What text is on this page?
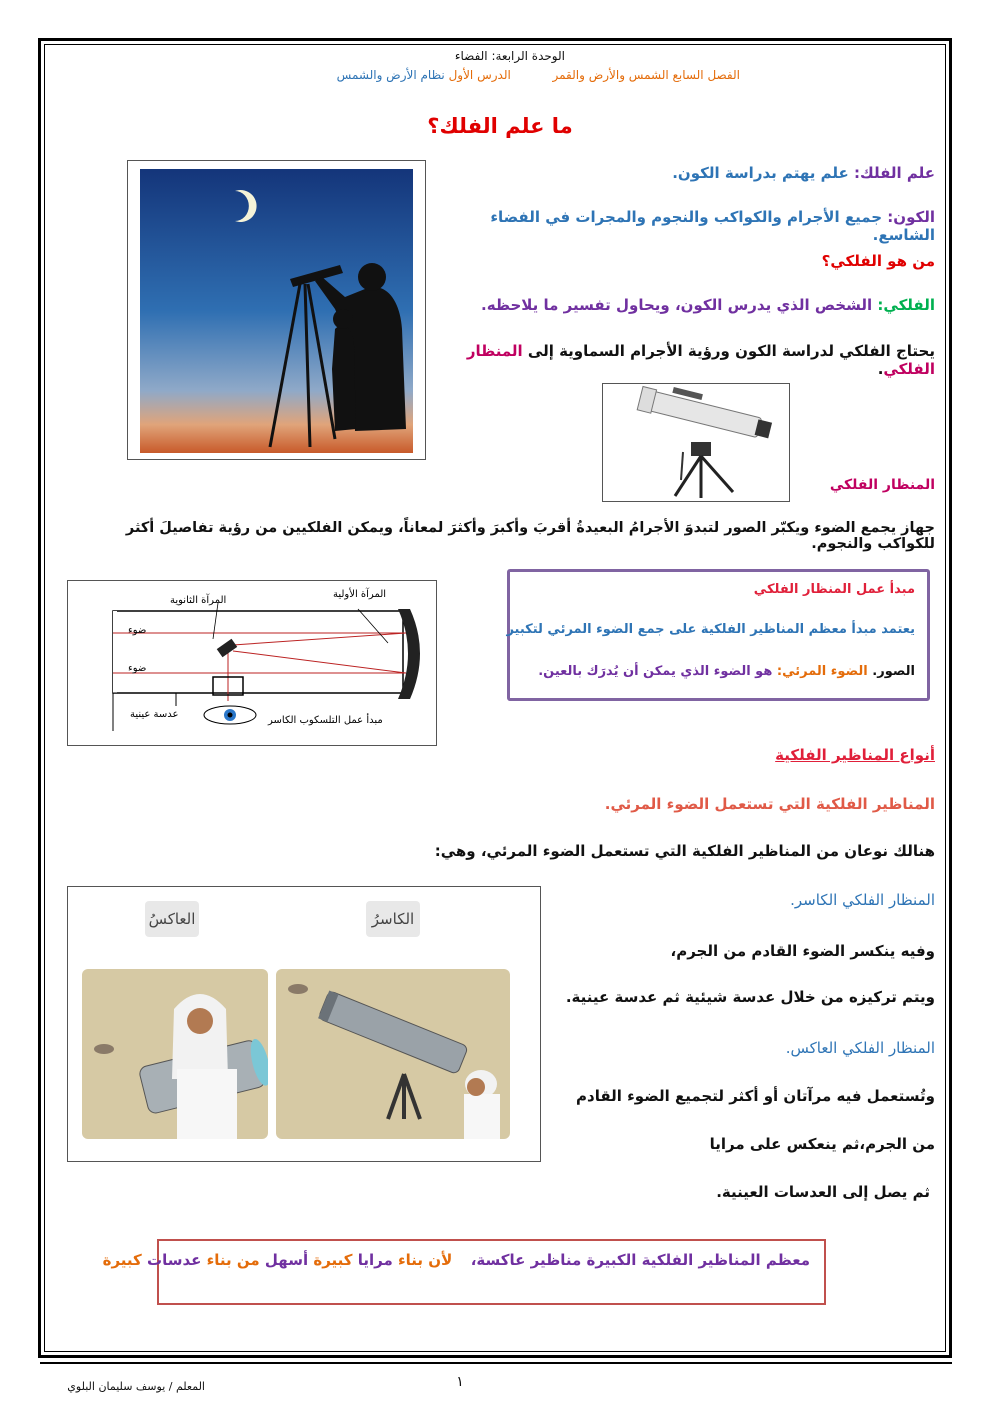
الوحدة الرابعة: الفضاء
الفصل السابع الشمس والأرض والقمر  الدرس الأول نظام الأرض والشمس
ما علم الفلك؟
علم الفلك: علم يهتم بدراسة الكون.
الكون: جميع الأجرام والكواكب والنجوم والمجرات في الفضاء الشاسع.
من هو الفلكي؟
الفلكي: الشخص الذي يدرس الكون، ويحاول تفسير ما يلاحظه.
يحتاج الفلكي لدراسة الكون ورؤية الأجرام السماوية إلى المنظار الفلكي.
المنظار الفلكي
جهاز يجمع الضوء ويكبّر الصور لتبدوَ الأجرامُ البعيدةُ أقربَ وأكبرَ وأكثرَ لمعاناً، ويمكن الفلكيين من رؤية تفاصيلَ أكثر للكواكب والنجوم.
المرآة الثانوية
المرآة الأولية
ضوء
ضوء
عدسة عينية
مبدأ عمل التلسكوب الكاسر
مبدأ عمل المنظار الفلكي
يعتمد مبدأ معظم المناظير الفلكية على جمع الضوء المرئي لتكبير
الصور. الضوء المرئي: هو الضوء الذي يمكن أن يُدرَك بالعين.
أنواع المناظير الفلكية
المناظير الفلكية التي تستعمل الضوء المرئي.
هنالك نوعان من المناظير الفلكية التي تستعمل الضوء المرئي، وهي:
الكاسرُ
العاكسُ
المنظار الفلكي الكاسر.
وفيه ينكسر الضوء القادم من الجرم،
ويتم تركيزه من خلال عدسة شيئية ثم عدسة عينية.
المنظار الفلكي العاكس.
وتُستعمل فيه مرآتان أو أكثر لتجميع الضوء القادم
من الجرم،ثم ينعكس على مرايا
ثم يصل إلى العدسات العينية.
معظم المناظير الفلكية الكبيرة مناظير عاكسة،  لأن بناء مرايا كبيرة أسهل من بناء عدسات كبيرة
١
المعلم / يوسف سليمان البلوي
